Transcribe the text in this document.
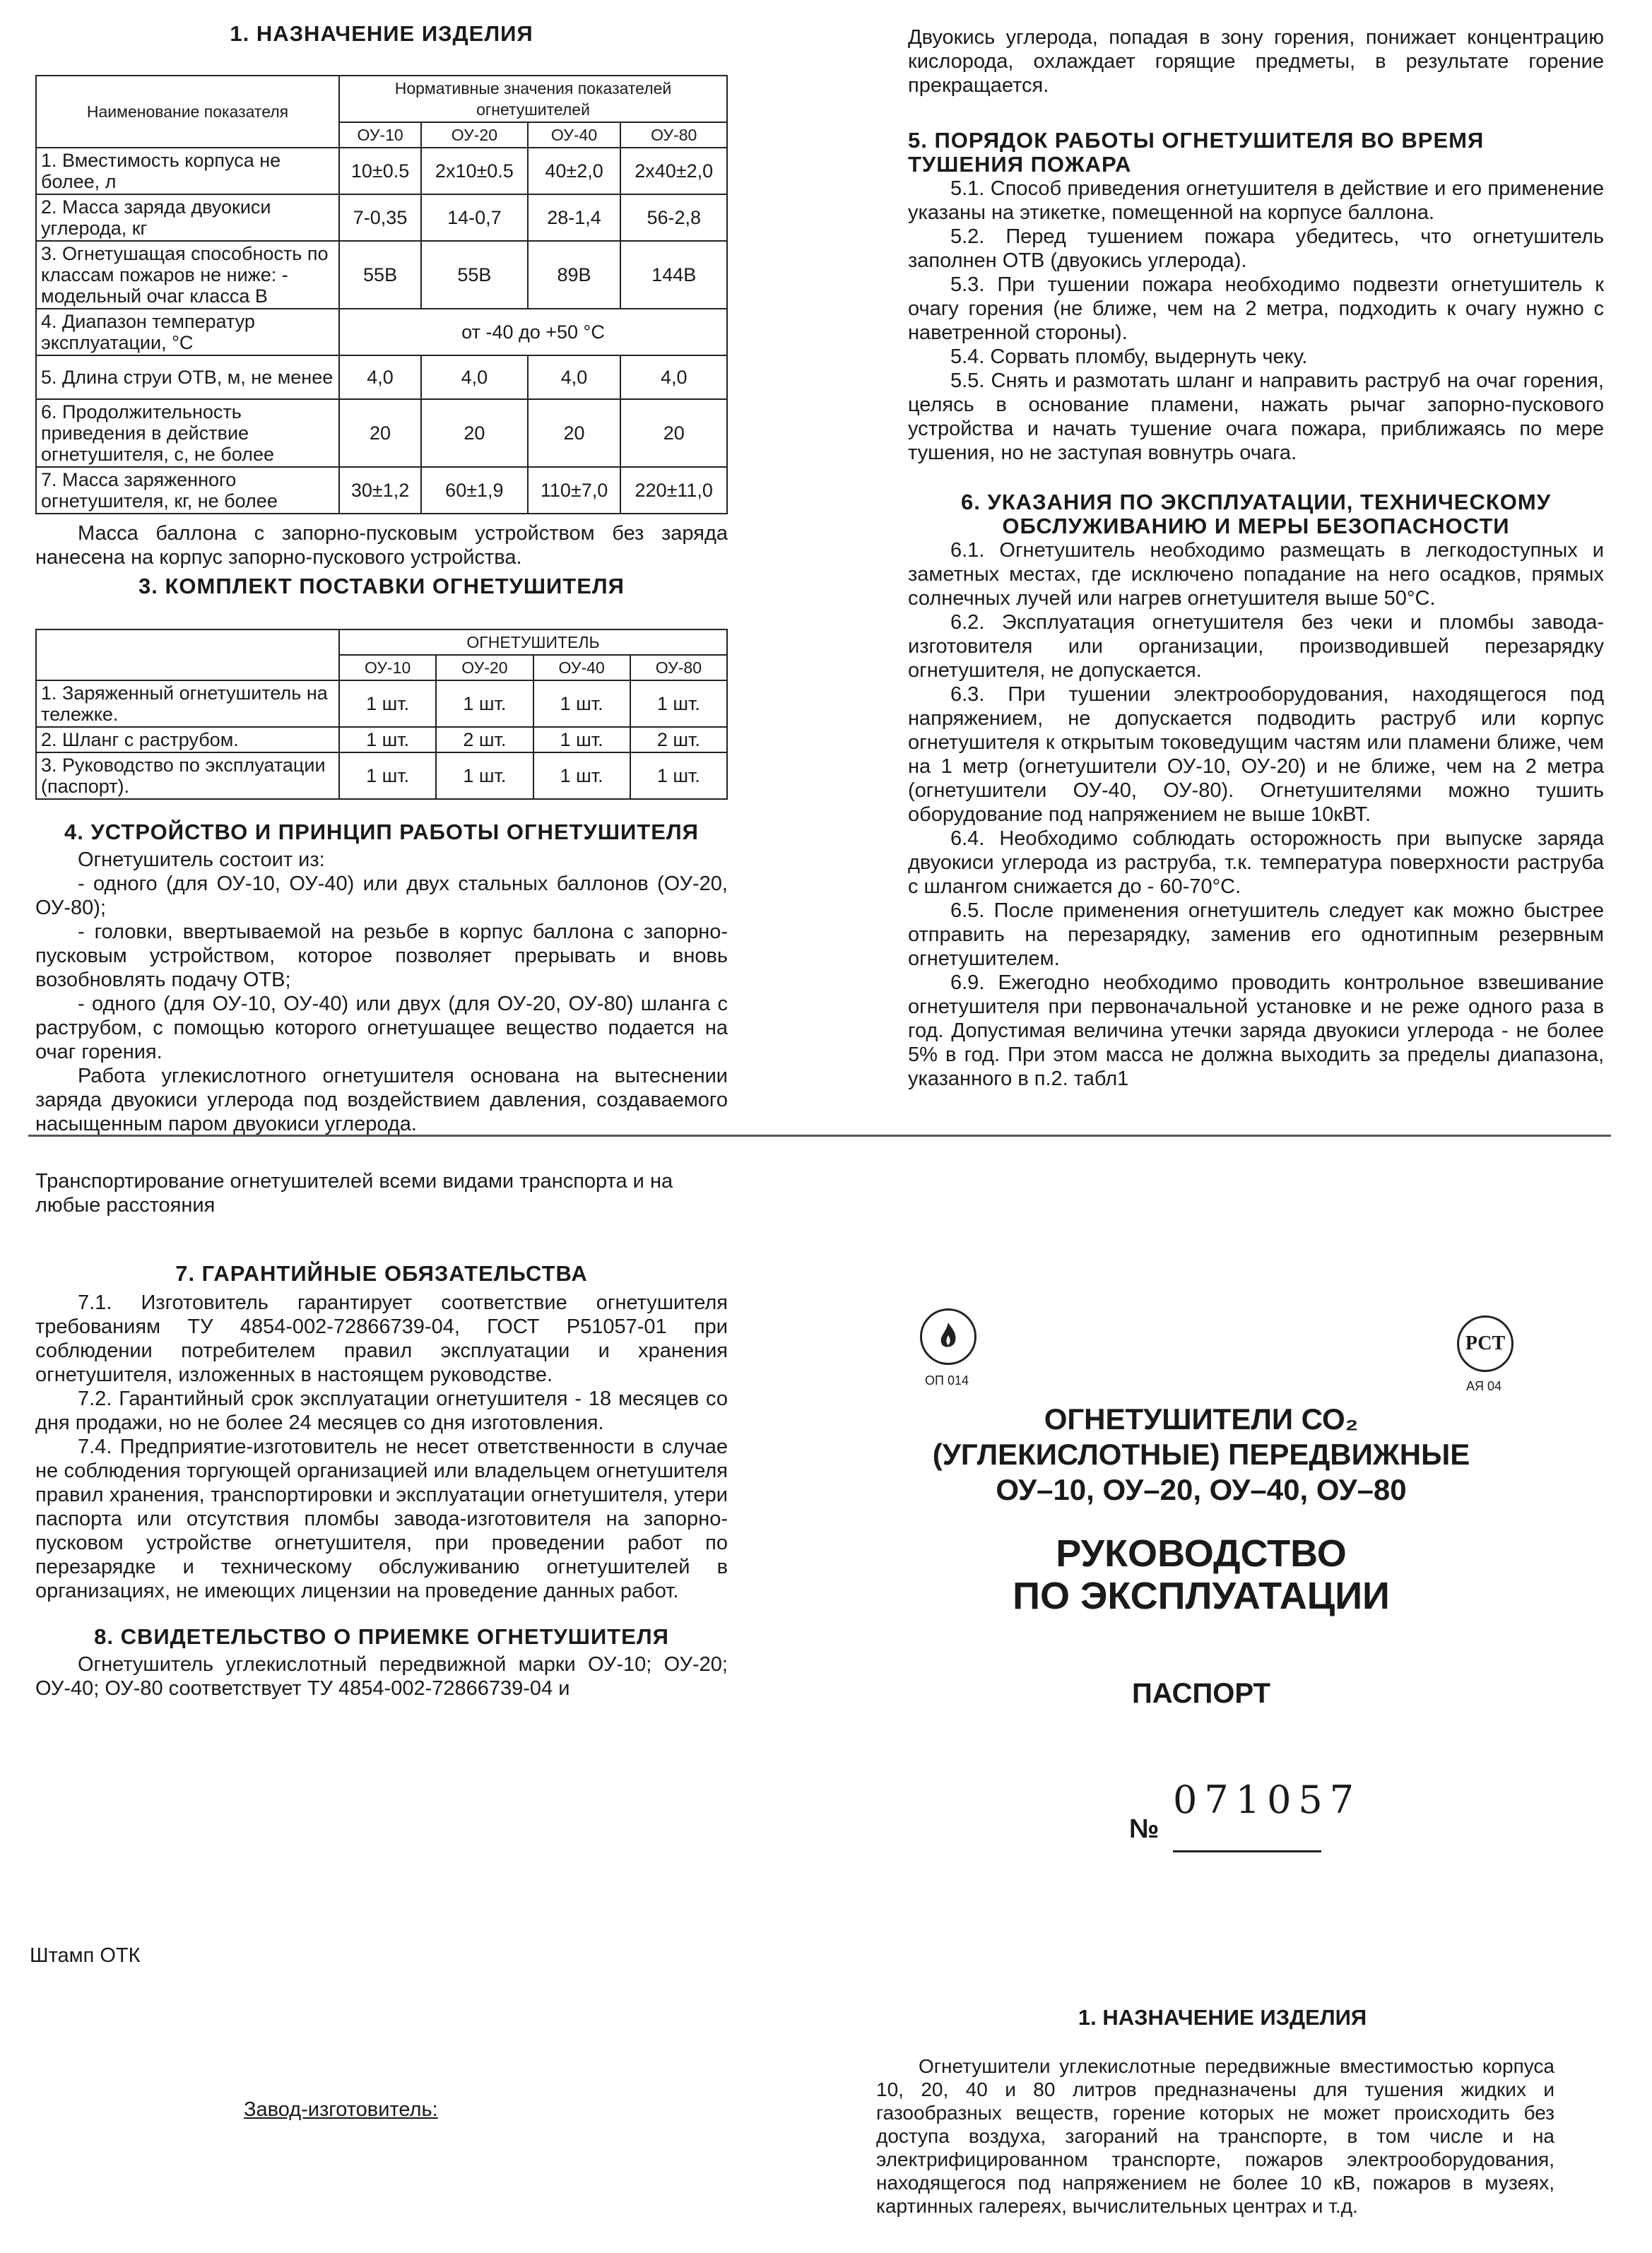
1. НАЗНАЧЕНИЕ ИЗДЕЛИЯ
Наименование показателя	Нормативные значения показателей огнетушителей			
	ОУ-10	ОУ-20	ОУ-40	ОУ-80
1. Вместимость корпуса не более, л	10±0.5	2х10±0.5	40±2,0	2х40±2,0
2. Масса заряда двуокиси углерода, кг	7-0,35	14-0,7	28-1,4	56-2,8
3. Огнетушащая способность по классам пожаров не ниже: - модельный очаг класса В	55В	55В	89В	144В
4. Диапазон температур эксплуатации, °С	от -40 до +50 °С			
5. Длина струи ОТВ, м, не менее	4,0	4,0	4,0	4,0
6. Продолжительность приведения в действие огнетушителя, с, не более	20	20	20	20
7. Масса заряженного огнетушителя, кг, не более	30±1,2	60±1,9	110±7,0	220±11,0

Масса баллона с запорно-пусковым устройством без заряда нанесена на корпус запорно-пускового устройства.

3. КОМПЛЕКТ ПОСТАВКИ ОГНЕТУШИТЕЛЯ
	ОГНЕТУШИТЕЛЬ			
	ОУ-10	ОУ-20	ОУ-40	ОУ-80
1. Заряженный огнетушитель на тележке.	1 шт.	1 шт.	1 шт.	1 шт.
2. Шланг с раструбом.	1 шт.	2 шт.	1 шт.	2 шт.
3. Руководство по эксплуатации (паспорт).	1 шт.	1 шт.	1 шт.	1 шт.
4. УСТРОЙСТВО И ПРИНЦИП РАБОТЫ ОГНЕТУШИТЕЛЯ

Огнетушитель состоит из:

- одного (для ОУ-10, ОУ-40) или двух стальных баллонов (ОУ-20, ОУ-80);

- головки, ввертываемой на резьбе в корпус баллона с запорно-пусковым устройством, которое позволяет прерывать и вновь возобновлять подачу ОТВ;

- одного (для ОУ-10, ОУ-40) или двух (для ОУ-20, ОУ-80) шланга с раструбом, с помощью которого огнетушащее вещество подается на очаг горения.

Работа углекислотного огнетушителя основана на вытеснении заряда двуокиси углерода под воздействием давления, создаваемого насыщенным паром двуокиси углерода.

Двуокись углерода, попадая в зону горения, понижает концентрацию кислорода, охлаждает горящие предметы, в результате горение прекращается.

5. ПОРЯДОК РАБОТЫ ОГНЕТУШИТЕЛЯ ВО ВРЕМЯ ТУШЕНИЯ ПОЖАРА

5.1. Способ приведения огнетушителя в действие и его применение указаны на этикетке, помещенной на корпусе баллона.

5.2. Перед тушением пожара убедитесь, что огнетушитель заполнен ОТВ (двуокись углерода).

5.3. При тушении пожара необходимо подвезти огнетушитель к очагу горения (не ближе, чем на 2 метра, подходить к очагу нужно с наветренной стороны).

5.4. Сорвать пломбу, выдернуть чеку.

5.5. Снять и размотать шланг и направить раструб на очаг горения, целясь в основание пламени, нажать рычаг запорно-пускового устройства и начать тушение очага пожара, приближаясь по мере тушения, но не заступая вовнутрь очага.

6. УКАЗАНИЯ ПО ЭКСПЛУАТАЦИИ, ТЕХНИЧЕСКОМУ ОБСЛУЖИВАНИЮ И МЕРЫ БЕЗОПАСНОСТИ

6.1. Огнетушитель необходимо размещать в легкодоступных и заметных местах, где исключено попадание на него осадков, прямых солнечных лучей или нагрев огнетушителя выше 50°С.

6.2. Эксплуатация огнетушителя без чеки и пломбы завода-изготовителя или организации, производившей перезарядку огнетушителя, не допускается.

6.3. При тушении электрооборудования, находящегося под напряжением, не допускается подводить раструб или корпус огнетушителя к открытым токоведущим частям или пламени ближе, чем на 1 метр (огнетушители ОУ-10, ОУ-20) и не ближе, чем на 2 метра (огнетушители ОУ-40, ОУ-80). Огнетушителями можно тушить оборудование под напряжением не выше 10кВТ.

6.4. Необходимо соблюдать осторожность при выпуске заряда двуокиси углерода из раструба, т.к. температура поверхности раструба с шлангом снижается до - 60-70°С.

6.5. После применения огнетушитель следует как можно быстрее отправить на перезарядку, заменив его однотипным резервным огнетушителем.

6.9. Ежегодно необходимо проводить контрольное взвешивание огнетушителя при первоначальной установке и не реже одного раза в год. Допустимая величина утечки заряда двуокиси углерода - не более 5% в год. При этом масса не должна выходить за пределы диапазона, указанного в п.2. табл1

Транспортирование огнетушителей всеми видами транспорта и на любые расстояния

7. ГАРАНТИЙНЫЕ ОБЯЗАТЕЛЬСТВА

7.1. Изготовитель гарантирует соответствие огнетушителя требованиям ТУ 4854-002-72866739-04, ГОСТ Р51057-01 при соблюдении потребителем правил эксплуатации и хранения огнетушителя, изложенных в настоящем руководстве.

7.2. Гарантийный срок эксплуатации огнетушителя - 18 месяцев со дня продажи, но не более 24 месяцев со дня изготовления.

7.4. Предприятие-изготовитель не несет ответственности в случае не соблюдения торгующей организацией или владельцем огнетушителя правил хранения, транспортировки и эксплуатации огнетушителя, утери паспорта или отсутствия пломбы завода-изготовителя на запорно-пусковом устройстве огнетушителя, при проведении работ по перезарядке и техническому обслуживанию огнетушителей в организациях, не имеющих лицензии на проведение данных работ.

8. СВИДЕТЕЛЬСТВО О ПРИЕМКЕ ОГНЕТУШИТЕЛЯ

Огнетушитель углекислотный передвижной марки ОУ-10; ОУ-20; ОУ-40; ОУ-80 соответствует ТУ 4854-002-72866739-04 и

Штамп ОТК
Завод-изготовитель:
ОП 014
РСТ
АЯ 04
ОГНЕТУШИТЕЛИ СО₂
(УГЛЕКИСЛОТНЫЕ) ПЕРЕДВИЖНЫЕ
ОУ–10, ОУ–20, ОУ–40, ОУ–80
РУКОВОДСТВО
ПО ЭКСПЛУАТАЦИИ
ПАСПОРТ
№
071057
1. НАЗНАЧЕНИЕ ИЗДЕЛИЯ

Огнетушители углекислотные передвижные вместимостью корпуса 10, 20, 40 и 80 литров предназначены для тушения жидких и газообразных веществ, горение которых не может происходить без доступа воздуха, загораний на транспорте, в том числе и на электрифицированном транспорте, пожаров электрооборудования, находящегося под напряжением не более 10 кВ, пожаров в музеях, картинных галереях, вычислительных центрах и т.д.
